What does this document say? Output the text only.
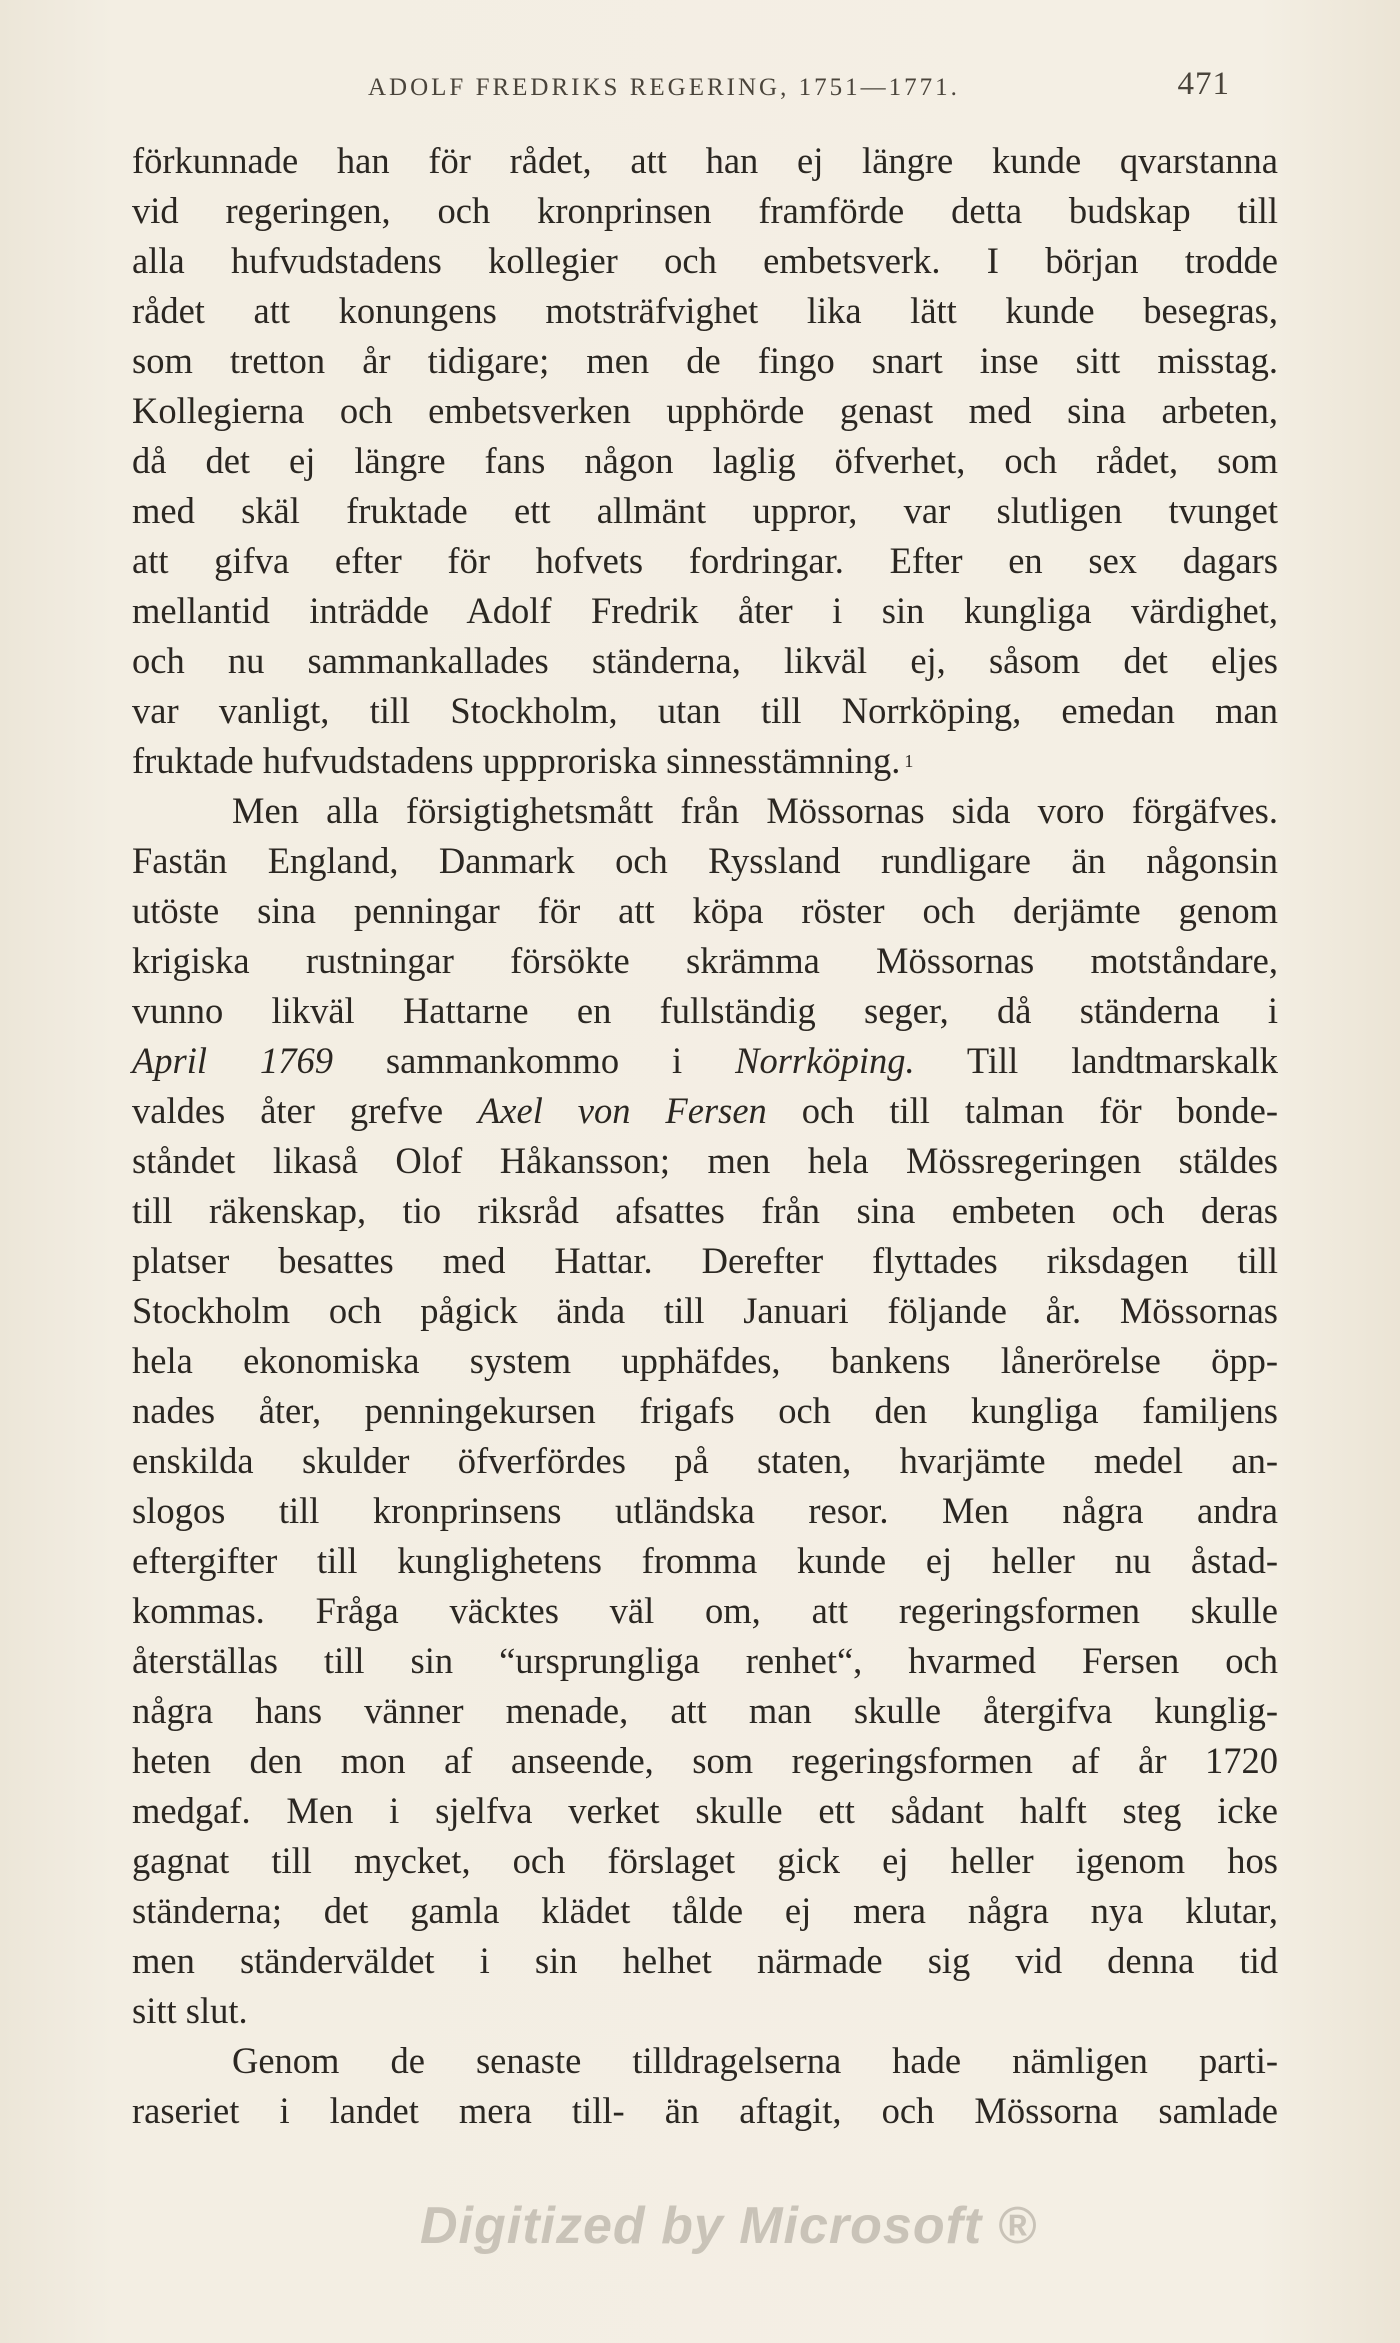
ADOLF FREDRIKS REGERING, 1751—1771.	471
förkunnade han för rådet, att han ej längre kunde qvarstanna
vid regeringen, och kronprinsen framförde detta budskap till
alla hufvudstadens kollegier och embetsverk. I början trodde
rådet att konungens motsträfvighet lika lätt kunde besegras,
som tretton år tidigare; men de fingo snart inse sitt misstag.
Kollegierna och embetsverken upphörde genast med sina arbeten,
då det ej längre fans någon laglig öfverhet, och rådet, som
med skäl fruktade ett allmänt uppror, var slutligen tvunget
att gifva efter för hofvets fordringar. Efter en sex dagars
mellantid inträdde Adolf Fredrik åter i sin kungliga värdighet,
och nu sammankallades ständerna, likväl ej, såsom det eljes
var vanligt, till Stockholm, utan till Norrköping, emedan man
fruktade hufvudstadens uppproriska sinnesstämning. $^1$
Men alla försigtighetsmått från Mössornas sida voro förgäfves.
Fastän England, Danmark och Ryssland rundligare än någonsin
utöste sina penningar för att köpa röster och derjämte genom
krigiska rustningar försökte skrämma Mössornas motståndare,
vunno likväl Hattarne en fullständig seger, då ständerna i
April 1769 sammankommo i Norrköping. Till landtmarskalk
valdes åter grefve Axel von Fersen och till talman för bonde-
ståndet likaså Olof Håkansson; men hela Mössregeringen stäldes
till räkenskap, tio riksråd afsattes från sina embeten och deras
platser besattes med Hattar. Derefter flyttades riksdagen till
Stockholm och pågick ända till Januari följande år. Mössornas
hela ekonomiska system upphäfdes, bankens lånerörelse öpp-
nades åter, penningekursen frigafs och den kungliga familjens
enskilda skulder öfverfördes på staten, hvarjämte medel an-
slogos till kronprinsens utländska resor. Men några andra
eftergifter till kunglighetens fromma kunde ej heller nu åstad-
kommas. Fråga väcktes väl om, att regeringsformen skulle
återställas till sin “ursprungliga renhet“, hvarmed Fersen och
några hans vänner menade, att man skulle återgifva kunglig-
heten den mon af anseende, som regeringsformen af år 1720
medgaf. Men i sjelfva verket skulle ett sådant halft steg icke
gagnat till mycket, och förslaget gick ej heller igenom hos
ständerna; det gamla klädet tålde ej mera några nya klutar,
men ständerväldet i sin helhet närmade sig vid denna tid
sitt slut.
Genom de senaste tilldragelserna hade nämligen parti-
raseriet i landet mera till- än aftagit, och Mössorna samlade
Digitized by Microsoft ®
